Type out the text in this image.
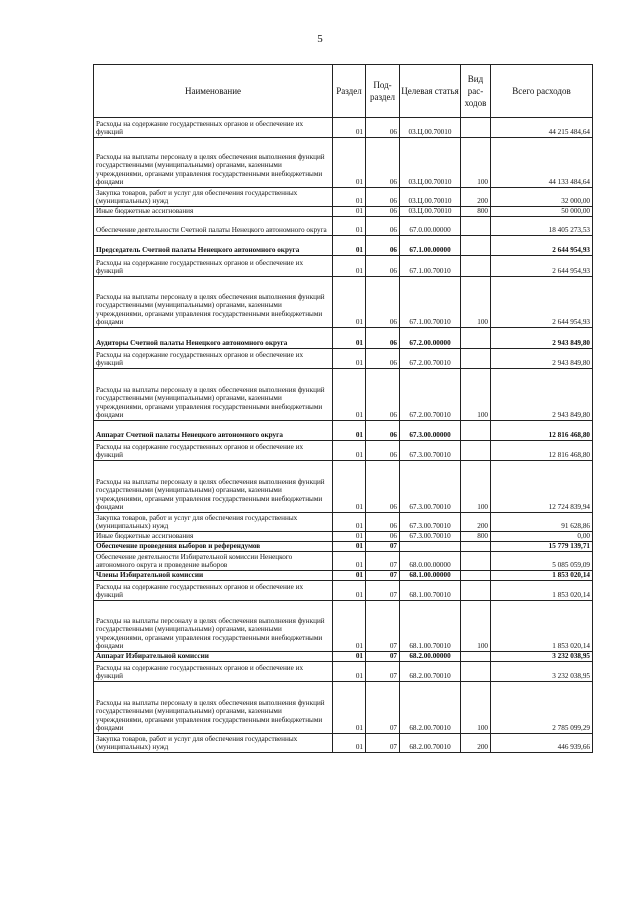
5
Наименование	Раздел	Под-раздел	Целевая статья	Вид рас-ходов	Всего расходов
Расходы на содержание государственных органов и обеспечение их функций	01	06	03.Ц.00.70010		44 215 484,64
Расходы на выплаты персоналу в целях обеспечения выполнения функций государственными (муниципальными) органами, казенными учреждениями, органами управления государственными внебюджетными фондами	01	06	03.Ц.00.70010	100	44 133 484,64
Закупка товаров, работ и услуг для обеспечения государственных (муниципальных) нужд	01	06	03.Ц.00.70010	200	32 000,00
Иные бюджетные ассигнования	01	06	03.Ц.00.70010	800	50 000,00
Обеспечение деятельности Счетной палаты Ненецкого автономного округа	01	06	67.0.00.00000		18 405 273,53
Председатель Счетной палаты Ненецкого автономного округа	01	06	67.1.00.00000		2 644 954,93
Расходы на содержание государственных органов и обеспечение их функций	01	06	67.1.00.70010		2 644 954,93
Расходы на выплаты персоналу в целях обеспечения выполнения функций государственными (муниципальными) органами, казенными учреждениями, органами управления государственными внебюджетными фондами	01	06	67.1.00.70010	100	2 644 954,93
Аудиторы Счетной палаты Ненецкого автономного округа	01	06	67.2.00.00000		2 943 849,80
Расходы на содержание государственных органов и обеспечение их функций	01	06	67.2.00.70010		2 943 849,80
Расходы на выплаты персоналу в целях обеспечения выполнения функций государственными (муниципальными) органами, казенными учреждениями, органами управления государственными внебюджетными фондами	01	06	67.2.00.70010	100	2 943 849,80
Аппарат Счетной палаты Ненецкого автономного округа	01	06	67.3.00.00000		12 816 468,80
Расходы на содержание государственных органов и обеспечение их функций	01	06	67.3.00.70010		12 816 468,80
Расходы на выплаты персоналу в целях обеспечения выполнения функций государственными (муниципальными) органами, казенными учреждениями, органами управления государственными внебюджетными фондами	01	06	67.3.00.70010	100	12 724 839,94
Закупка товаров, работ и услуг для обеспечения государственных (муниципальных) нужд	01	06	67.3.00.70010	200	91 628,86
Иные бюджетные ассигнования	01	06	67.3.00.70010	800	0,00
Обеспечение проведения выборов и референдумов	01	07			15 779 139,71
Обеспечение деятельности Избирательной комиссии Ненецкого автономного округа и проведение выборов	01	07	68.0.00.00000		5 085 059,09
Члены Избирательной комиссии	01	07	68.1.00.00000		1 853 020,14
Расходы на содержание государственных органов и обеспечение их функций	01	07	68.1.00.70010		1 853 020,14
Расходы на выплаты персоналу в целях обеспечения выполнения функций государственными (муниципальными) органами, казенными учреждениями, органами управления государственными внебюджетными фондами	01	07	68.1.00.70010	100	1 853 020,14
Аппарат Избирательной комиссии	01	07	68.2.00.00000		3 232 038,95
Расходы на содержание государственных органов и обеспечение их функций	01	07	68.2.00.70010		3 232 038,95
Расходы на выплаты персоналу в целях обеспечения выполнения функций государственными (муниципальными) органами, казенными учреждениями, органами управления государственными внебюджетными фондами	01	07	68.2.00.70010	100	2 785 099,29
Закупка товаров, работ и услуг для обеспечения государственных (муниципальных) нужд	01	07	68.2.00.70010	200	446 939,66
